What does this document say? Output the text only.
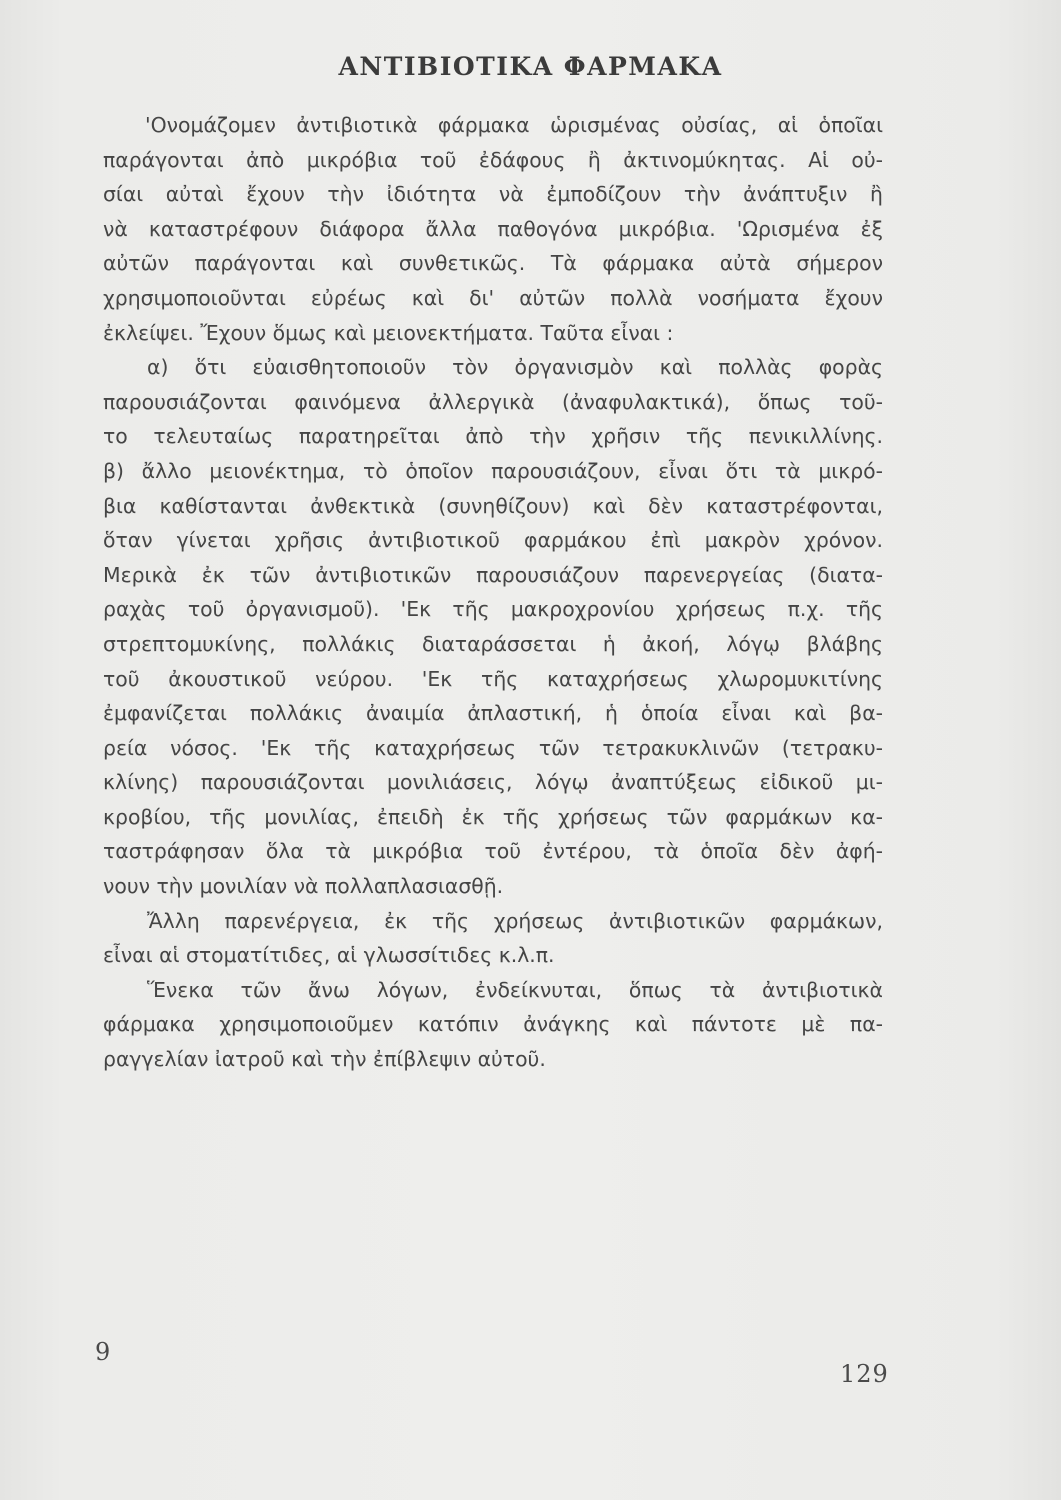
ΑΝΤΙΒΙΟΤΙΚΑ ΦΑΡΜΑΚΑ
'Ονομάζομεν ἀντιβιοτικὰ φάρμακα ὡρισμένας οὐσίας, αἱ ὁποῖαι
παράγονται ἀπὸ μικρόβια τοῦ ἐδάφους ἢ ἀκτινομύκητας. Αἱ οὐ-
σίαι αὐταὶ ἔχουν τὴν ἰδιότητα νὰ ἐμποδίζουν τὴν ἀνάπτυξιν ἢ
νὰ καταστρέφουν διάφορα ἄλλα παθογόνα μικρόβια. 'Ωρισμένα ἐξ
αὐτῶν παράγονται καὶ συνθετικῶς. Τὰ φάρμακα αὐτὰ σήμερον
χρησιμοποιοῦνται εὐρέως καὶ δι' αὐτῶν πολλὰ νοσήματα ἔχουν
ἐκλείψει. Ἔχουν ὅμως καὶ μειονεκτήματα. Ταῦτα εἶναι :
α) ὅτι εὐαισθητοποιοῦν τὸν ὀργανισμὸν καὶ πολλὰς φορὰς
παρουσιάζονται φαινόμενα ἀλλεργικὰ (ἀναφυλακτικά), ὅπως τοῦ-
το τελευταίως παρατηρεῖται ἀπὸ τὴν χρῆσιν τῆς πενικιλλίνης.
β) ἄλλο μειονέκτημα, τὸ ὁποῖον παρουσιάζουν, εἶναι ὅτι τὰ μικρό-
βια καθίστανται ἀνθεκτικὰ (συνηθίζουν) καὶ δὲν καταστρέφονται,
ὅταν γίνεται χρῆσις ἀντιβιοτικοῦ φαρμάκου ἐπὶ μακρὸν χρόνον.
Μερικὰ ἐκ τῶν ἀντιβιοτικῶν παρουσιάζουν παρενεργείας (διατα-
ραχὰς τοῦ ὀργανισμοῦ). 'Εκ τῆς μακροχρονίου χρήσεως π.χ. τῆς
στρεπτομυκίνης, πολλάκις διαταράσσεται ἡ ἀκοή, λόγῳ βλάβης
τοῦ ἀκουστικοῦ νεύρου. 'Εκ τῆς καταχρήσεως χλωρομυκιτίνης
ἐμφανίζεται πολλάκις ἀναιμία ἀπλαστική, ἡ ὁποία εἶναι καὶ βα-
ρεία νόσος. 'Εκ τῆς καταχρήσεως τῶν τετρακυκλινῶν (τετρακυ-
κλίνης) παρουσιάζονται μονιλιάσεις, λόγῳ ἀναπτύξεως εἰδικοῦ μι-
κροβίου, τῆς μονιλίας, ἐπειδὴ ἐκ τῆς χρήσεως τῶν φαρμάκων κα-
ταστράφησαν ὅλα τὰ μικρόβια τοῦ ἐντέρου, τὰ ὁποῖα δὲν ἀφή-
νουν τὴν μονιλίαν νὰ πολλαπλασιασθῇ.
Ἄλλη παρενέργεια, ἐκ τῆς χρήσεως ἀντιβιοτικῶν φαρμάκων,
εἶναι αἱ στοματίτιδες, αἱ γλωσσίτιδες κ.λ.π.
Ἕνεκα τῶν ἄνω λόγων, ἐνδείκνυται, ὅπως τὰ ἀντιβιοτικὰ
φάρμακα χρησιμοποιοῦμεν κατόπιν ἀνάγκης καὶ πάντοτε μὲ πα-
ραγγελίαν ἰατροῦ καὶ τὴν ἐπίβλεψιν αὐτοῦ.
9
129
